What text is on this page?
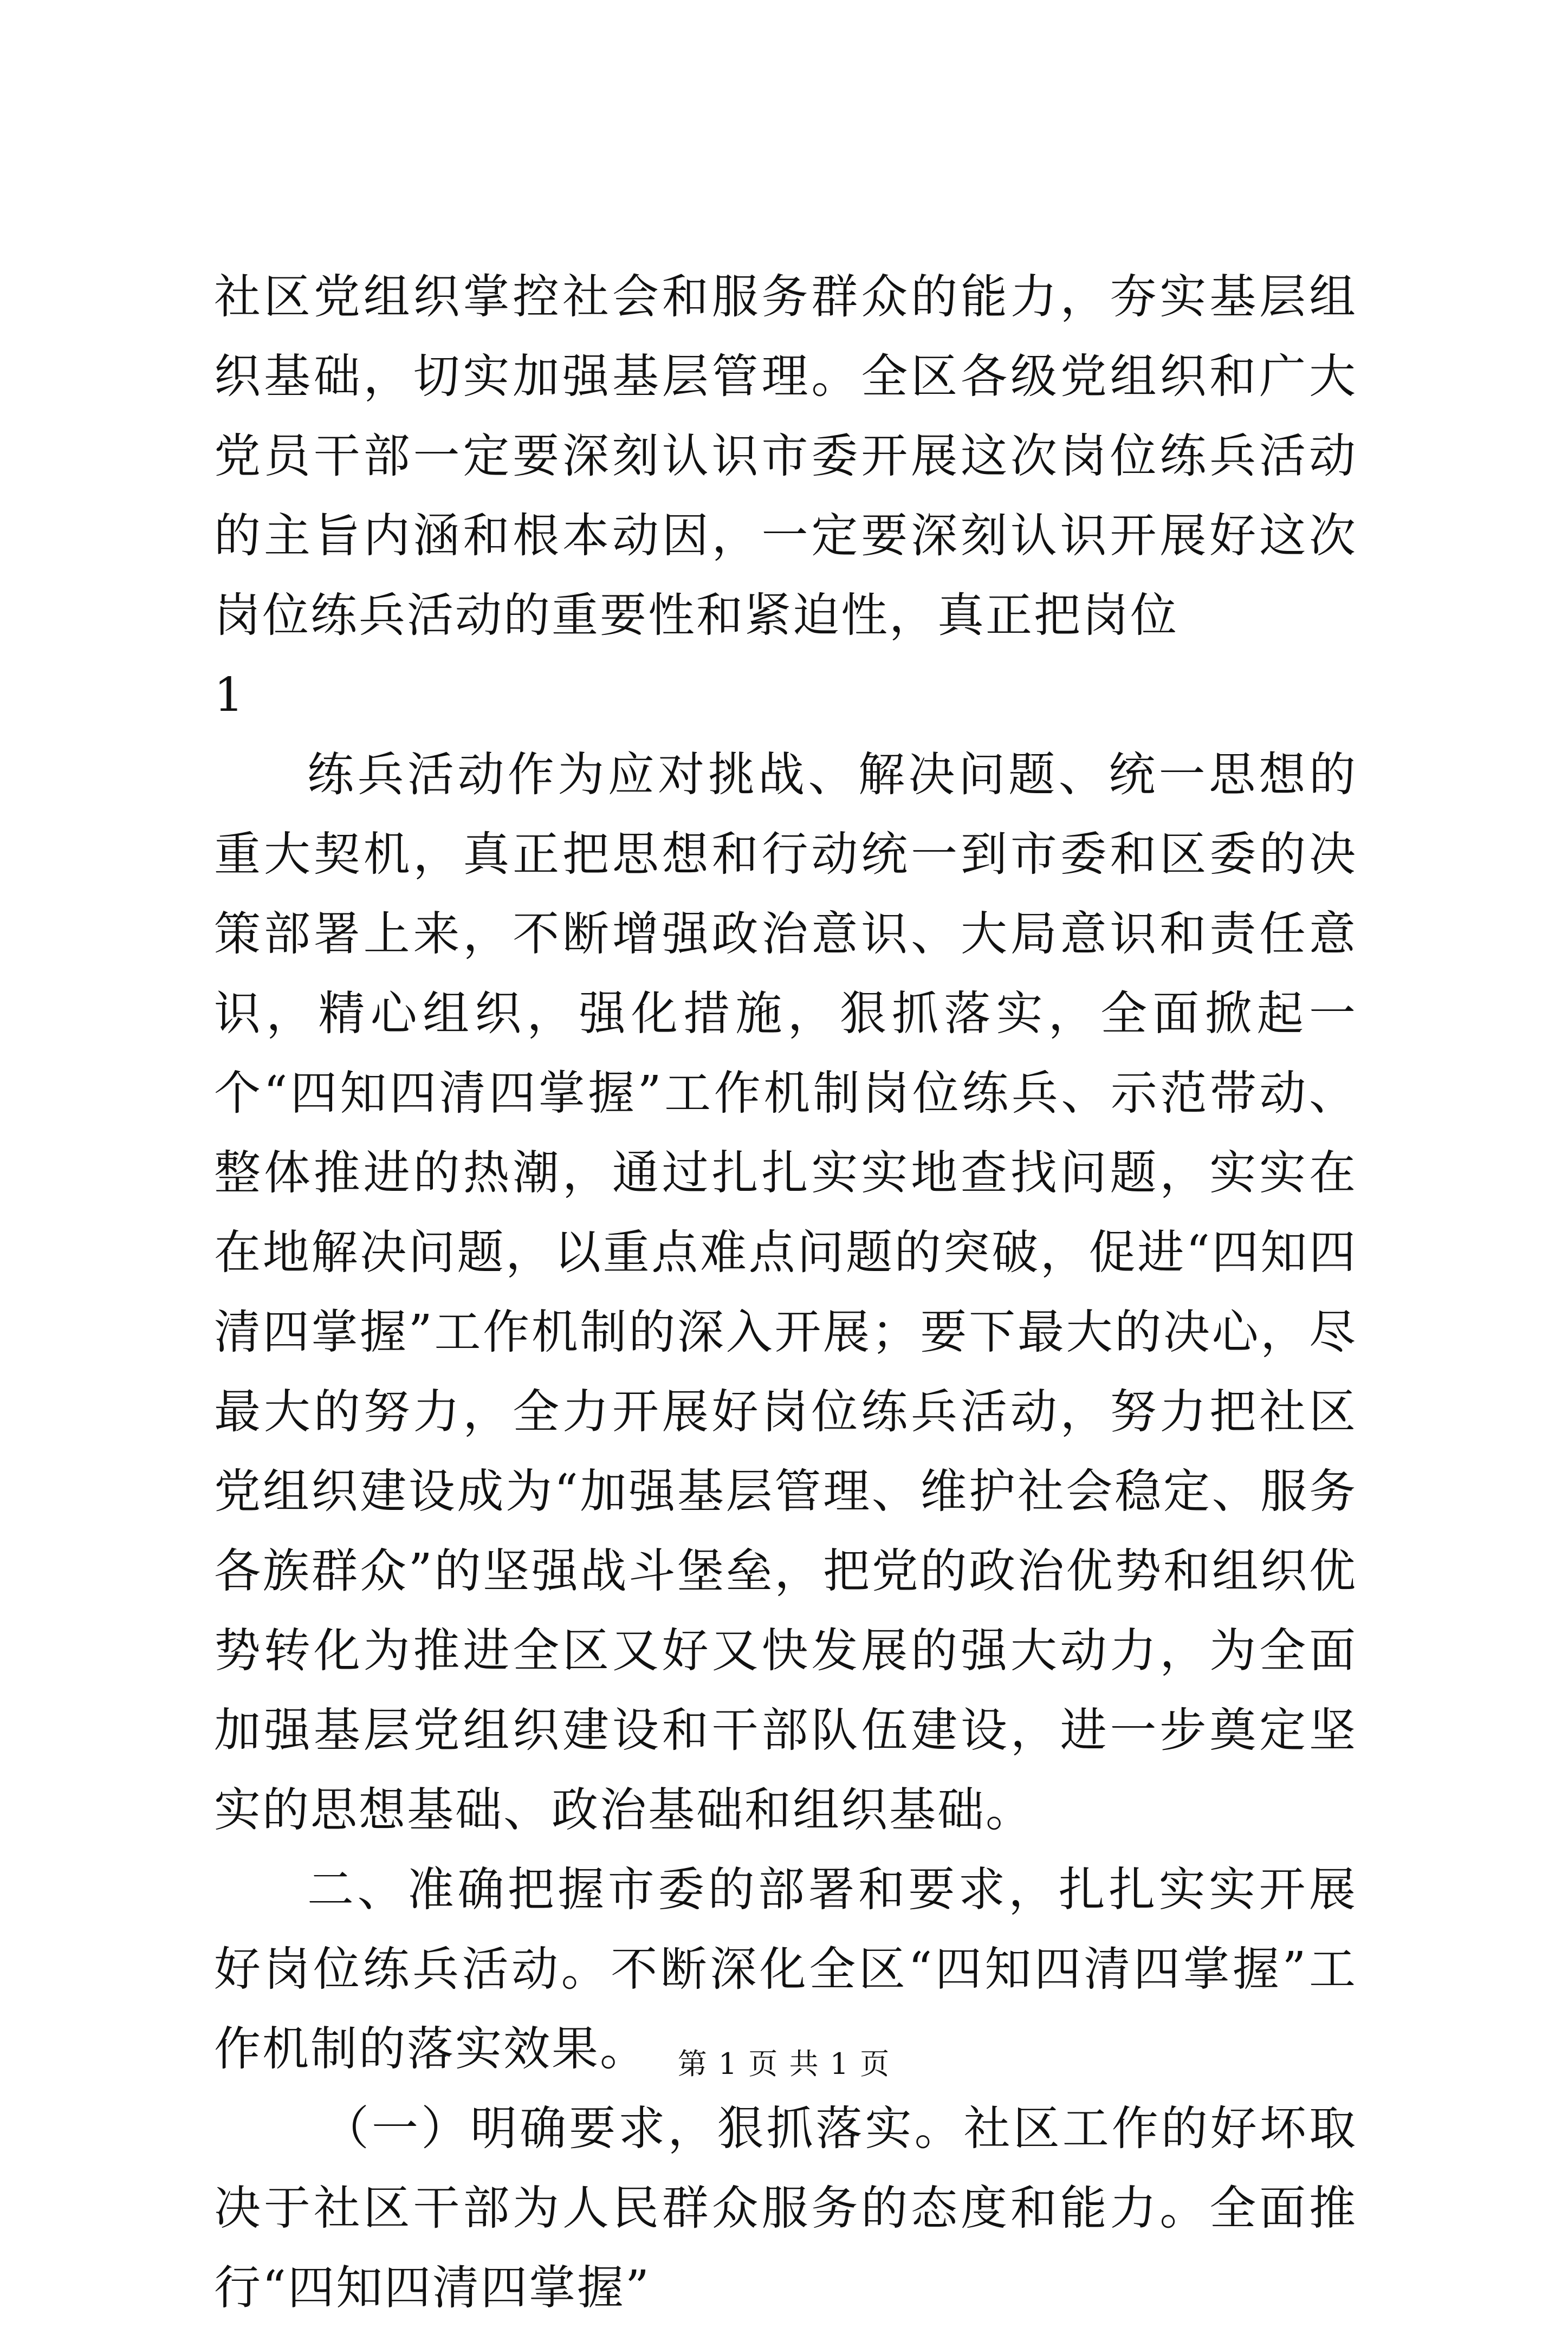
社区党组织掌控社会和服务群众的能力，夯实基层组织基础，切实加强基层管理。全区各级党组织和广大党员干部一定要深刻认识市委开展这次岗位练兵活动的主旨内涵和根本动因，一定要深刻认识开展好这次岗位练兵活动的重要性和紧迫性，真正把岗位

1

练兵活动作为应对挑战、解决问题、统一思想的重大契机，真正把思想和行动统一到市委和区委的决策部署上来，不断增强政治意识、大局意识和责任意识，精心组织，强化措施，狠抓落实，全面掀起一个“四知四清四掌握”工作机制岗位练兵、示范带动、整体推进的热潮，通过扎扎实实地查找问题，实实在在地解决问题，以重点难点问题的突破，促进“四知四清四掌握”工作机制的深入开展；要下最大的决心，尽最大的努力，全力开展好岗位练兵活动，努力把社区党组织建设成为“加强基层管理、维护社会稳定、服务各族群众”的坚强战斗堡垒，把党的政治优势和组织优势转化为推进全区又好又快发展的强大动力，为全面加强基层党组织建设和干部队伍建设，进一步奠定坚实的思想基础、政治基础和组织基础。

二、准确把握市委的部署和要求，扎扎实实开展好岗位练兵活动。不断深化全区“四知四清四掌握”工作机制的落实效果。

（一）明确要求，狠抓落实。社区工作的好坏取决于社区干部为人民群众服务的态度和能力。全面推行“四知四清四掌握”

第 1 页 共 1 页
